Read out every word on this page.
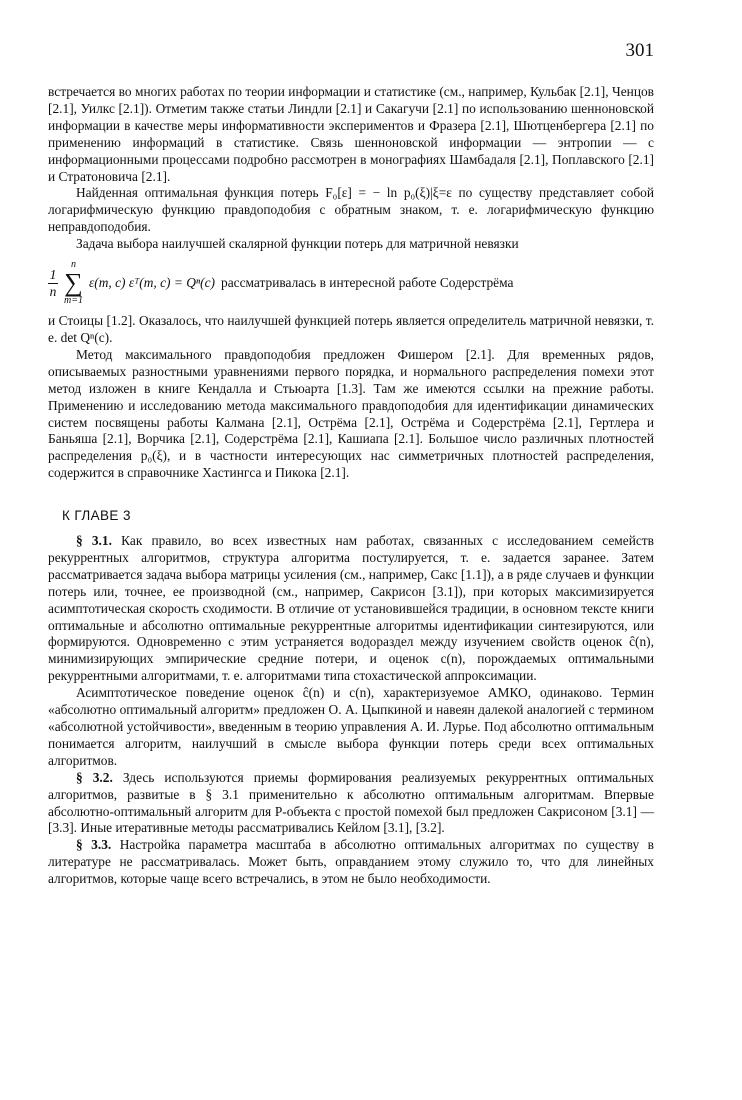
301

встречается во многих работах по теории информации и статистике (см., например, Кульбак [2.1], Ченцов [2.1], Уилкс [2.1]). Отметим также статьи Линдли [2.1] и Сакагучи [2.1] по использованию шенноновской информации в качестве меры информативности экспериментов и Фразера [2.1], Шютценбергера [2.1] по применению информаций в статистике. Связь шенноновской информации — энтропии — с информационными процессами подробно рассмотрен в монографиях Шамбадаля [2.1], Поплавского [2.1] и Стратоновича [2.1].

Найденная оптимальная функция потерь F₀[ε] = − ln p₀(ξ)|ξ=ε по существу представляет собой логарифмическую функцию правдоподобия с обратным знаком, т. е. логарифмическую функцию неправдоподобия.

Задача выбора наилучшей скалярной функции потерь для матричной невязки

$\frac{1}{n}$
n
∑
m=1
ε(m, c) εᵀ(m, c) = Qⁿ(c) рассматривалась в интересной работе Содерстрёма

и Стоицы [1.2]. Оказалось, что наилучшей функцией потерь является определитель матричной невязки, т. е. det Qⁿ(c).

Метод максимального правдоподобия предложен Фишером [2.1]. Для временных рядов, описываемых разностными уравнениями первого порядка, и нормального распределения помехи этот метод изложен в книге Кендалла и Стьюарта [1.3]. Там же имеются ссылки на прежние работы. Применению и исследованию метода максимального правдоподобия для идентификации динамических систем посвящены работы Калмана [2.1], Острёма [2.1], Острёма и Содерстрёма [2.1], Гертлера и Баньяша [2.1], Ворчика [2.1], Содерстрёма [2.1], Кашиапа [2.1]. Большое число различных плотностей распределения p₀(ξ), и в частности интересующих нас симметричных плотностей распределения, содержится в справочнике Хастингса и Пикока [2.1].

К ГЛАВЕ 3

§ 3.1. Как правило, во всех известных нам работах, связанных с исследованием семейств рекуррентных алгоритмов, структура алгоритма постулируется, т. е. задается заранее. Затем рассматривается задача выбора матрицы усиления (см., например, Сакс [1.1]), а в ряде случаев и функции потерь или, точнее, ее производной (см., например, Сакрисон [3.1]), при которых максимизируется асимптотическая скорость сходимости. В отличие от установившейся традиции, в основном тексте книги оптимальные и абсолютно оптимальные рекуррентные алгоритмы идентификации синтезируются, или формируются. Одновременно с этим устраняется водораздел между изучением свойств оценок ĉ(n), минимизирующих эмпирические средние потери, и оценок c(n), порождаемых оптимальными рекуррентными алгоритмами, т. е. алгоритмами типа стохастической аппроксимации.

Асимптотическое поведение оценок ĉ(n) и c(n), характеризуемое АМКО, одинаково. Термин «абсолютно оптимальный алгоритм» предложен О. А. Цыпкиной и навеян далекой аналогией с термином «абсолютной устойчивости», введенным в теорию управления А. И. Лурье. Под абсолютно оптимальным понимается алгоритм, наилучший в смысле выбора функции потерь среди всех оптимальных алгоритмов.

§ 3.2. Здесь используются приемы формирования реализуемых рекуррентных оптимальных алгоритмов, развитые в § 3.1 применительно к абсолютно оптимальным алгоритмам. Впервые абсолютно-оптимальный алгоритм для P-объекта с простой помехой был предложен Сакрисоном [3.1] — [3.3]. Иные итеративные методы рассматривались Кейлом [3.1], [3.2].

§ 3.3. Настройка параметра масштаба в абсолютно оптимальных алгоритмах по существу в литературе не рассматривалась. Может быть, оправданием этому служило то, что для линейных алгоритмов, которые чаще всего встречались, в этом не было необходимости.
